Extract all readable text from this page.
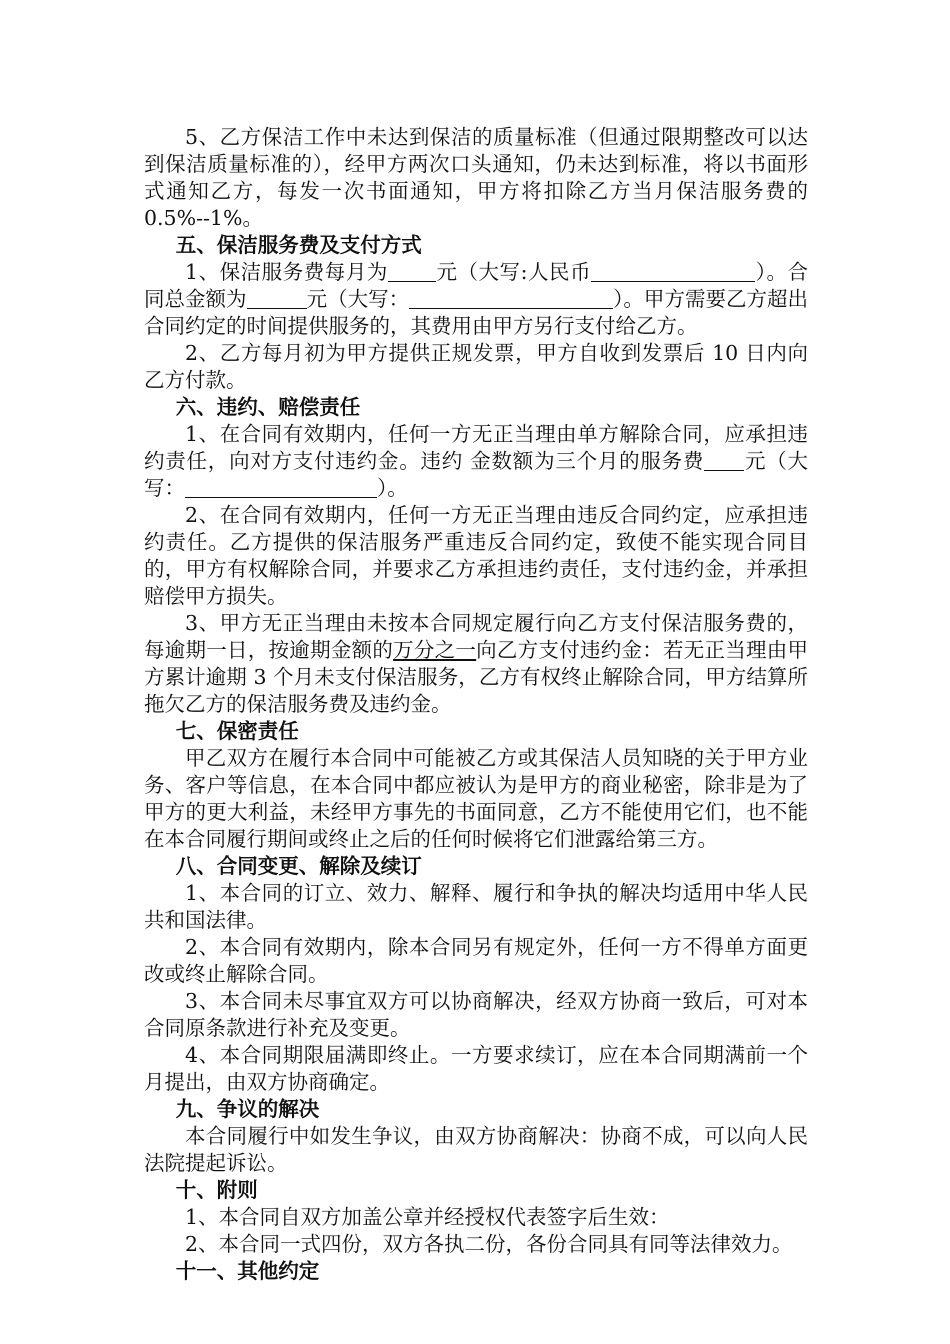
5、乙方保洁工作中未达到保洁的质量标准（但通过限期整改可以达到保洁质量标准的），经甲方两次口头通知，仍未达到标准，将以书面形式通知乙方，每发一次书面通知，甲方将扣除乙方当月保洁服务费的 0.5%--1%。

五、保洁服务费及支付方式

1、保洁服务费每月为 元（大写:人民币	）。合同总金额为	元（大写：	）。甲方需要乙方超出合同约定的时间提供服务的，其费用由甲方另行支付给乙方。

2、乙方每月初为甲方提供正规发票，甲方自收到发票后 10 日内向乙方付款。

六、违约、赔偿责任

1、在合同有效期内，任何一方无正当理由单方解除合同，应承担违约责任，向对方支付违约金。违约 金数额为三个月的服务费 元（大写：	）。

2、在合同有效期内，任何一方无正当理由违反合同约定，应承担违约责任。乙方提供的保洁服务严重违反合同约定，致使不能实现合同目的，甲方有权解除合同，并要求乙方承担违约责任，支付违约金，并承担赔偿甲方损失。

3、甲方无正当理由未按本合同规定履行向乙方支付保洁服务费的，每逾期一日，按逾期金额的万分之一向乙方支付违约金：若无正当理由甲方累计逾期 3 个月未支付保洁服务，乙方有权终止解除合同，甲方结算所拖欠乙方的保洁服务费及违约金。

七、保密责任

甲乙双方在履行本合同中可能被乙方或其保洁人员知晓的关于甲方业务、客户等信息，在本合同中都应被认为是甲方的商业秘密，除非是为了甲方的更大利益，未经甲方事先的书面同意，乙方不能使用它们，也不能在本合同履行期间或终止之后的任何时候将它们泄露给第三方。

八、合同变更、解除及续订

1、本合同的订立、效力、解释、履行和争执的解决均适用中华人民共和国法律。

2、本合同有效期内，除本合同另有规定外，任何一方不得单方面更改或终止解除合同。

3、本合同未尽事宜双方可以协商解决，经双方协商一致后，可对本合同原条款进行补充及变更。

4、本合同期限届满即终止。一方要求续订，应在本合同期满前一个月提出，由双方协商确定。

九、争议的解决

本合同履行中如发生争议，由双方协商解决：协商不成，可以向人民法院提起诉讼。

十、附则

1、本合同自双方加盖公章并经授权代表签字后生效：

2、本合同一式四份，双方各执二份，各份合同具有同等法律效力。

十一、其他约定
